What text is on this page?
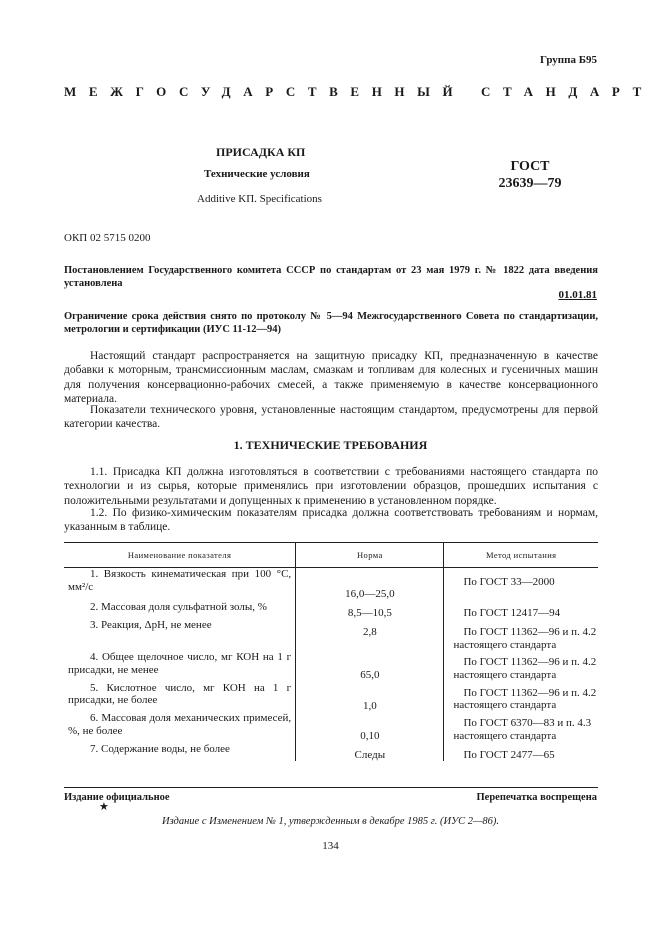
Группа Б95
МЕЖГОСУДАРСТВЕННЫЙ СТАНДАРТ
ПРИСАДКА КП
Технические условия
Additive KП. Specifications
ГОСТ
23639—79
ОКП 02 5715 0200
Постановлением Государственного комитета СССР по стандартам от 23 мая 1979 г. № 1822 дата введения установлена
01.01.81
Ограничение срока действия снято по протоколу № 5—94 Межгосударственного Совета по стандартизации, метрологии и сертификации (ИУС 11-12—94)

Настоящий стандарт распространяется на защитную присадку КП, предназначенную в качестве добавки к моторным, трансмиссионным маслам, смазкам и топливам для колесных и гусеничных машин для получения консервационно-рабочих смесей, а также применяемую в качестве консервационного материала.

Показатели технического уровня, установленные настоящим стандартом, предусмотрены для первой категории качества.

1. ТЕХНИЧЕСКИЕ ТРЕБОВАНИЯ

1.1. Присадка КП должна изготовляться в соответствии с требованиями настоящего стандарта по технологии и из сырья, которые применялись при изготовлении образцов, прошедших испытания с положительными результатами и допущенных к применению в установленном порядке.

1.2. По физико-химическим показателям присадка должна соответствовать требованиям и нормам, указанным в таблице.

Наименование показателя	Норма	Метод испытания
1. Вязкость кинематическая при 100 °С, мм²/с	16,0—25,0	По ГОСТ 33—2000
2. Массовая доля сульфатной золы, %	8,5—10,5	По ГОСТ 12417—94
3. Реакция, ΔpH, не менее	2,8	По ГОСТ 11362—96 и п. 4.2 настоящего стандарта
4. Общее щелочное число, мг КОН на 1 г присадки, не менее	65,0	По ГОСТ 11362—96 и п. 4.2 настоящего стандарта
5. Кислотное число, мг КОН на 1 г присадки, не более	1,0	По ГОСТ 11362—96 и п. 4.2 настоящего стандарта
6. Массовая доля механических примесей, %, не более	0,10	По ГОСТ 6370—83 и п. 4.3 настоящего стандарта
7. Содержание воды, не более	Следы	По ГОСТ 2477—65
Издание официальное	Перепечатка воспрещена
★
Издание с Изменением № 1, утвержденным в декабре 1985 г. (ИУС 2—86).
134
